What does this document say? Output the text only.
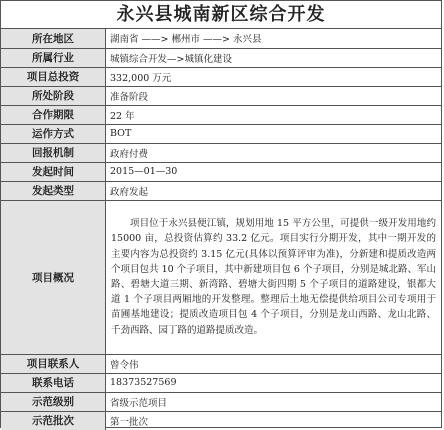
永兴县城南新区综合开发
所在地区	湖南省 ——> 郴州市 ——> 永兴县
所属行业	城镇综合开发—>城镇化建设
项目总投资	332,000 万元
所处阶段	准备阶段
合作期限	22 年
运作方式	BOT
回报机制	政府付费
发起时间	2015—01—30
发起类型	政府发起
项目概况	项目位于永兴县便江镇，规划用地 15 平方公里，可提供一级开发用地约 15000 亩，总投资估算约 33.2 亿元。项目实行分期开发，其中一期开发的主要内容为总投资约 3.15 亿元(具体以预算评审为准)，分新建和提质改造两个项目包共 10 个子项目，其中新建项目包 6 个子项目，分别是城北路、军山路、碧塘大道三期、新湾路、碧塘大街四期 5 个子项目的道路建设，银都大道 1 个子项目两厢地的开发整理。整理后土地无偿提供给项目公司专项用于苗圃基地建设；提质改造项目包 4 个子项目，分别是龙山西路、龙山北路、千劲西路、园丁路的道路提质改造。

项目联系人	曾令伟
联系电话	18373527569
示范级别	省级示范项目
示范批次	第一批次
